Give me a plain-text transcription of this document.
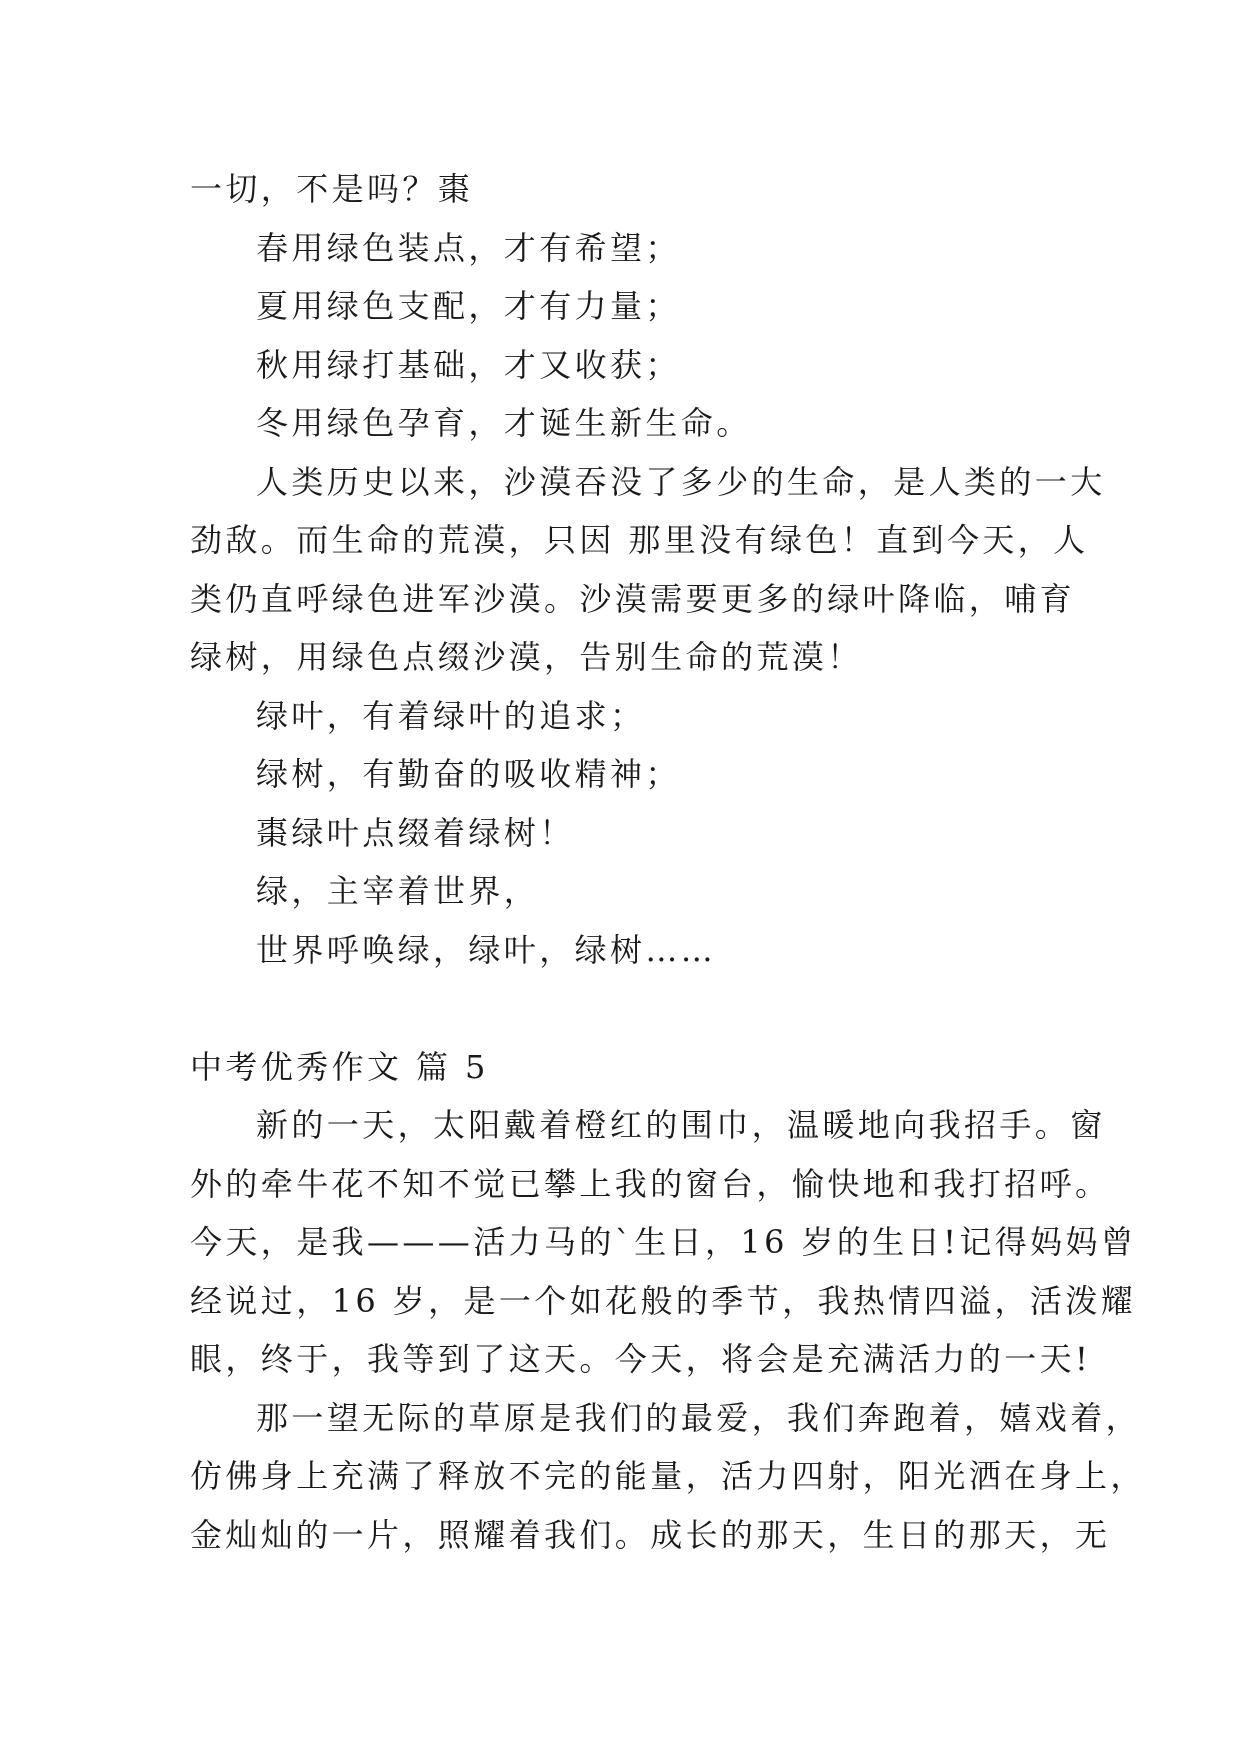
一切，不是吗？棗
春用绿色装点，才有希望；
夏用绿色支配，才有力量；
秋用绿打基础，才又收获；
冬用绿色孕育，才诞生新生命。
人类历史以来，沙漠吞没了多少的生命，是人类的一大
劲敌。而生命的荒漠，只因 那里没有绿色！直到今天，人
类仍直呼绿色进军沙漠。沙漠需要更多的绿叶降临，哺育
绿树，用绿色点缀沙漠，告别生命的荒漠！
绿叶，有着绿叶的追求；
绿树，有勤奋的吸收精神；
棗绿叶点缀着绿树！
绿，主宰着世界，
世界呼唤绿，绿叶，绿树……
中考优秀作文 篇 5
新的一天，太阳戴着橙红的围巾，温暖地向我招手。窗
外的牵牛花不知不觉已攀上我的窗台，愉快地和我打招呼。
今天，是我———活力马的`生日，16 岁的生日!记得妈妈曾
经说过，16 岁，是一个如花般的季节，我热情四溢，活泼耀
眼，终于，我等到了这天。今天，将会是充满活力的一天!
那一望无际的草原是我们的最爱，我们奔跑着，嬉戏着，
仿佛身上充满了释放不完的能量，活力四射，阳光洒在身上，
金灿灿的一片，照耀着我们。成长的那天，生日的那天，无
